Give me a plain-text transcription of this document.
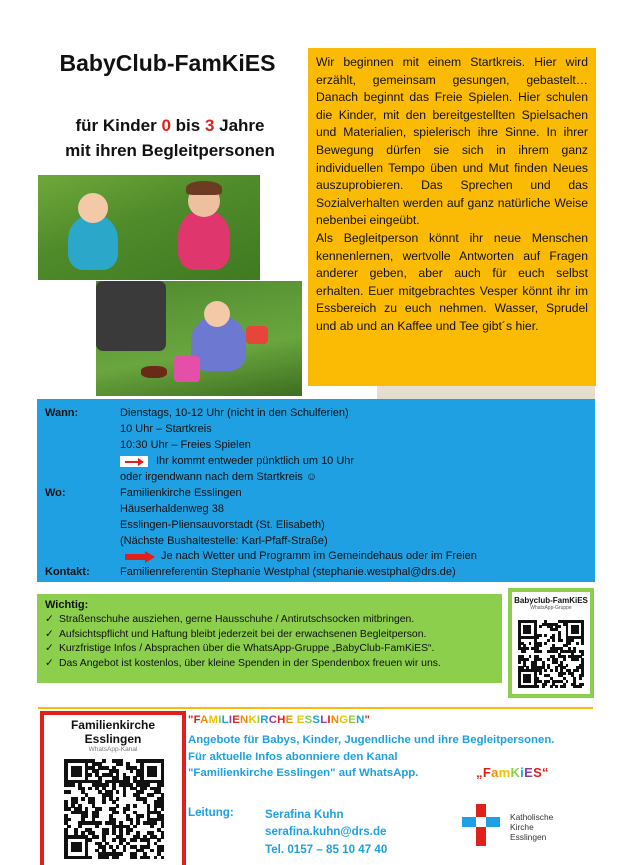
BabyClub-FamKiES
für Kinder 0 bis 3 Jahre
mit ihren Begleitpersonen

Wir beginnen mit einem Startkreis. Hier wird erzählt, gemeinsam gesungen, gebastelt… Danach beginnt das Freie Spielen. Hier schulen die Kinder, mit den bereitgestellten Spielsachen und Materialien, spielerisch ihre Sinne. In ihrer Bewegung dürfen sie sich in ihrem ganz individuellen Tempo üben und Mut finden Neues auszuprobieren. Das Sprechen und das Sozialverhalten werden auf ganz natürliche Weise nebenbei eingeübt.

Als Begleitperson könnt ihr neue Menschen kennenlernen, wertvolle Antworten auf Fragen anderer geben, aber auch für euch selbst erhalten. Euer mitgebrachtes Vesper könnt ihr im Essbereich zu euch nehmen. Wasser, Sprudel und ab und an Kaffee und Tee gibt´s hier.

Wann:	Dienstags, 10-12 Uhr (nicht in den Schulferien)
10 Uhr – Startkreis
10:30 Uhr – Freies Spielen
Ihr kommt entweder pünktlich um 10 Uhr
oder irgendwann nach dem Startkreis ☺
Wo:	Familienkirche Esslingen
Häuserhaldenweg 38
Esslingen-Pliensauvorstadt (St. Elisabeth)
(Nächste Bushaltestelle: Karl-Pfaff-Straße)
Je nach Wetter und Programm im Gemeindehaus oder im Freien
Kontakt:	Familienreferentin Stephanie Westphal (stephanie.westphal@drs.de)
Wichtig:
✓ Straßenschuhe ausziehen, gerne Hausschuhe / Antirutschsocken mitbringen.
✓ Aufsichtspflicht und Haftung bleibt jederzeit bei der erwachsenen Begleitperson.
✓ Kurzfristige Infos / Absprachen über die WhatsApp-Gruppe „BabyClub-FamKiES“.
✓ Das Angebot ist kostenlos, über kleine Spenden in der Spendenbox freuen wir uns.
Babyclub-FamKiES
WhatsApp-Gruppe
Familienkirche Esslingen
WhatsApp-Kanal
"FAMILIENKIRCHE ESSLINGEN"
Angebote für Babys, Kinder, Jugendliche und ihre Begleitpersonen.
Für aktuelle Infos abonniere den Kanal
"Familienkirche Esslingen" auf WhatsApp.	„FamKiES“
Leitung:	Serafina Kuhn
serafina.kuhn@drs.de
Tel. 0157 – 85 10 47 40
Katholische
Kirche
Esslingen
